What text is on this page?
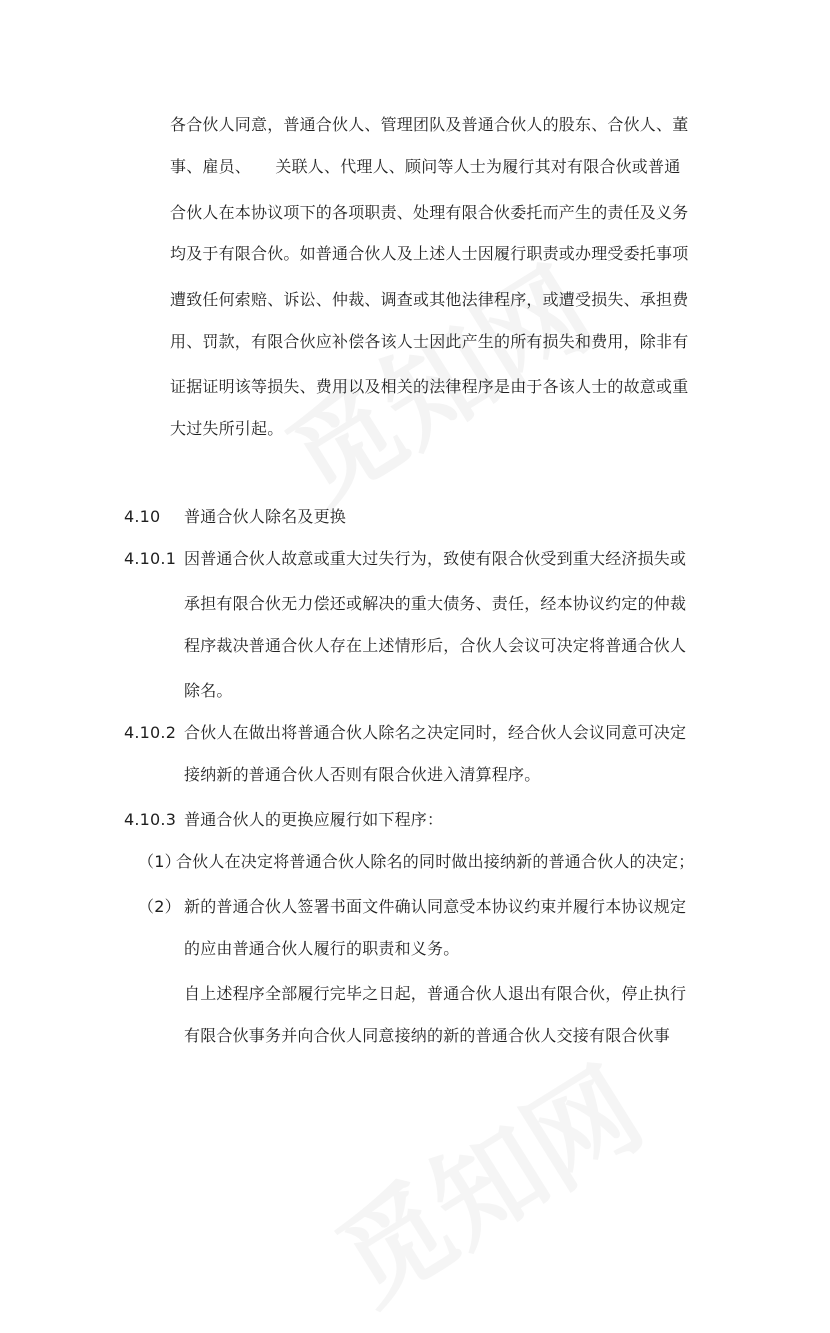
各合伙人同意，普通合伙人、管理团队及普通合伙人的股东、合伙人、董

事、雇员、　　关联人、代理人、顾问等人士为履行其对有限合伙或普通

合伙人在本协议项下的各项职责、处理有限合伙委托而产生的责任及义务

均及于有限合伙。如普通合伙人及上述人士因履行职责或办理受委托事项

遭致任何索赔、诉讼、仲裁、调查或其他法律程序，或遭受损失、承担费

用、罚款，有限合伙应补偿各该人士因此产生的所有损失和费用，除非有

证据证明该等损失、费用以及相关的法律程序是由于各该人士的故意或重

大过失所引起。

4.10 普通合伙人除名及更换

4.10.1 因普通合伙人故意或重大过失行为，致使有限合伙受到重大经济损失或

承担有限合伙无力偿还或解决的重大债务、责任，经本协议约定的仲裁

程序裁决普通合伙人存在上述情形后，合伙人会议可决定将普通合伙人

除名。

4.10.2 合伙人在做出将普通合伙人除名之决定同时，经合伙人会议同意可决定

接纳新的普通合伙人否则有限合伙进入清算程序。

4.10.3 普通合伙人的更换应履行如下程序：

（1）

合伙人在决定将普通合伙人除名的同时做出接纳新的普通合伙人的决定；

（2） 新的普通合伙人签署书面文件确认同意受本协议约束并履行本协议规定

的应由普通合伙人履行的职责和义务。

自上述程序全部履行完毕之日起，普通合伙人退出有限合伙，停止执行

有限合伙事务并向合伙人同意接纳的新的普通合伙人交接有限合伙事
